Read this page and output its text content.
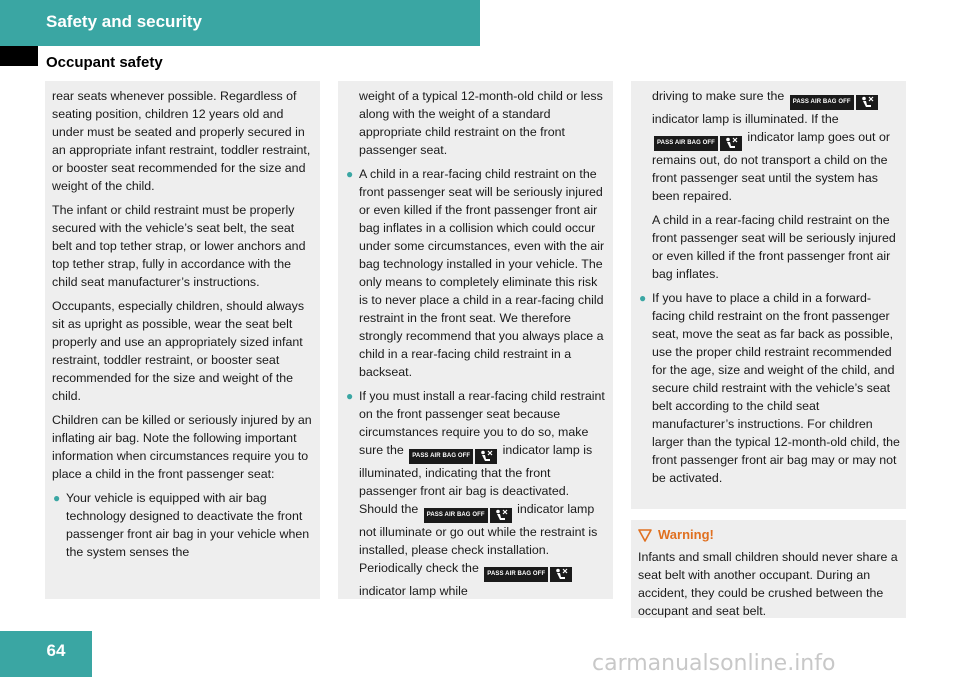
Safety and security
Occupant safety

rear seats whenever possible. Regardless of seating position, children 12 years old and under must be seated and properly secured in an appropriate infant restraint, toddler restraint, or booster seat recommended for the size and weight of the child.

The infant or child restraint must be properly secured with the vehicle’s seat belt, the seat belt and top tether strap, or lower anchors and top tether strap, fully in accordance with the child seat manufacturer’s instructions.

Occupants, especially children, should always sit as upright as possible, wear the seat belt properly and use an appropriately sized infant restraint, toddler restraint, or booster seat recommended for the size and weight of the child.

Children can be killed or seriously injured by an inflating air bag. Note the following important information when circumstances require you to place a child in the front passenger seat:

● Your vehicle is equipped with air bag technology designed to deactivate the front passenger front air bag in your vehicle when the system senses the

weight of a typical 12-month-old child or less along with the weight of a standard appropriate child restraint on the front passenger seat.

● A child in a rear-facing child restraint on the front passenger seat will be seriously injured or even killed if the front passenger front air bag inflates in a collision which could occur under some circumstances, even with the air bag technology installed in your vehicle. The only means to completely eliminate this risk is to never place a child in a rear-facing child restraint in the front seat. We therefore strongly recommend that you always place a child in a rear-facing child restraint in a backseat.
● If you must install a rear-facing child restraint on the front passenger seat because circumstances require you to do so, make sure the	PASS AIR BAG OFF	indicator lamp is illuminated, indicating that the front passenger front air bag is deactivated. Should the	PASS AIR BAG OFF	indicator lamp not illuminate or go out while the restraint is installed, please check installation. Periodically check the	PASS AIR BAG OFF
indicator lamp while
driving to make sure the	PASS AIR BAG OFF
indicator lamp is illuminated. If the
PASS AIR BAG OFF	indicator lamp goes out or remains out, do not transport a child on the front passenger seat until the system has been repaired.

A child in a rear-facing child restraint on the front passenger seat will be seriously injured or even killed if the front passenger front air bag inflates.

● If you have to place a child in a forward-facing child restraint on the front passenger seat, move the seat as far back as possible, use the proper child restraint recommended for the age, size and weight of the child, and secure child restraint with the vehicle’s seat belt according to the child seat manufacturer’s instructions. For children larger than the typical 12-month-old child, the front passenger front air bag may or may not be activated.
Warning!
Infants and small children should never share a seat belt with another occupant. During an accident, they could be crushed between the occupant and seat belt.
64
carmanualsonline.info
